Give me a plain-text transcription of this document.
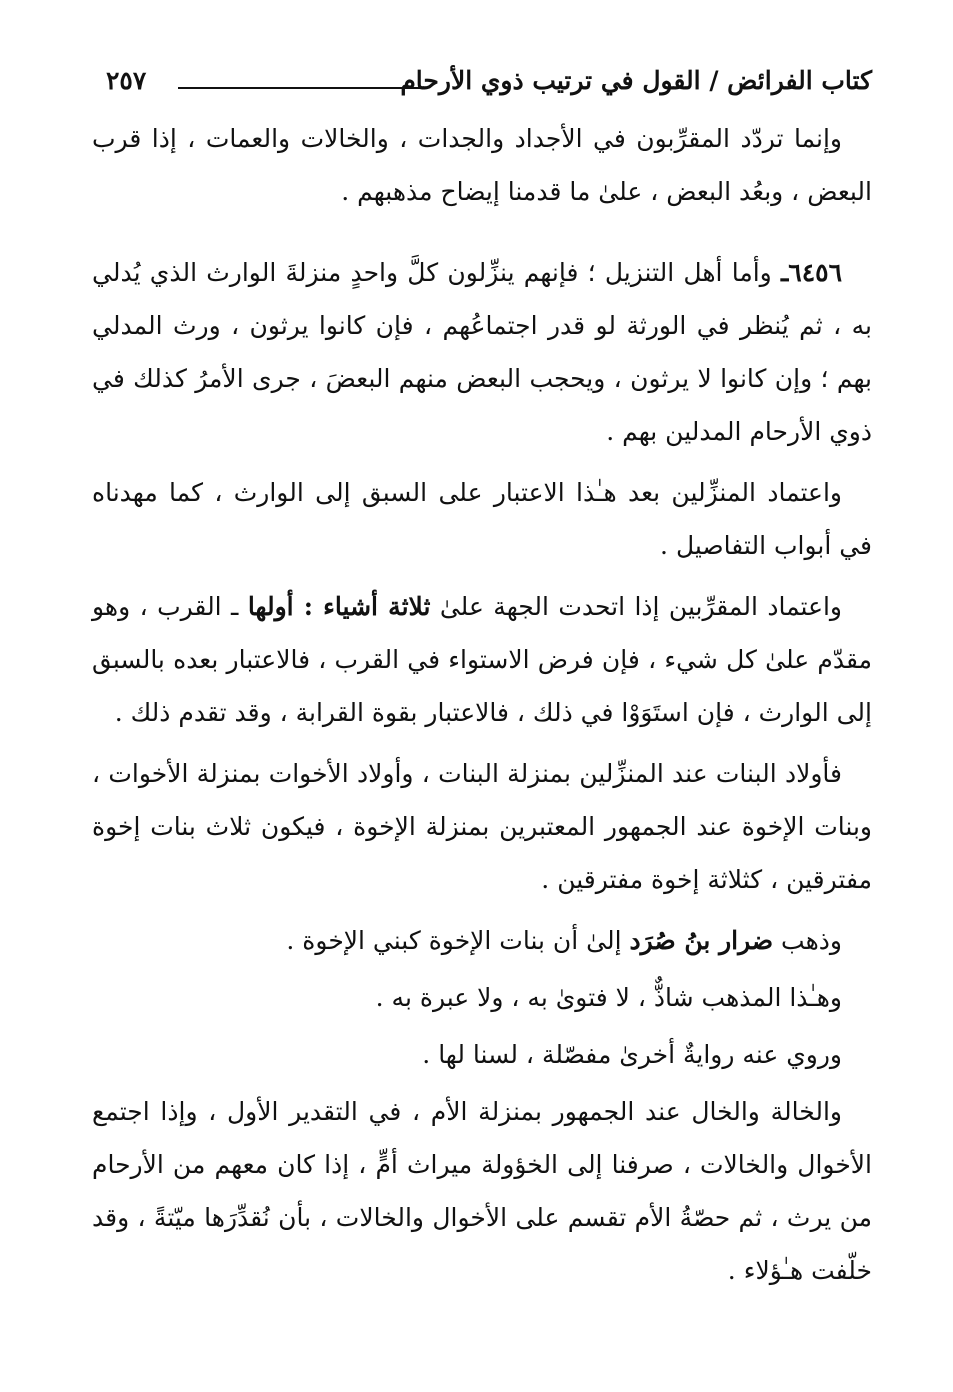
كتاب الفرائض / القول في ترتيب ذوي الأرحام
٢٥٧

وإنما تردّد المقرِّبون في الأجداد والجدات ، والخالات والعمات ، إذا قرب البعض ، وبعُد البعض ، علىٰ ما قدمنا إيضاح مذهبهم .

٦٤٥٦ـ وأما أهل التنزيل ؛ فإنهم ينزِّلون كلَّ واحدٍ منزلةَ الوارث الذي يُدلي به ، ثم يُنظر في الورثة لو قدر اجتماعُهم ، فإن كانوا يرثون ، ورث المدلي بهم ؛ وإن كانوا لا يرثون ، ويحجب البعض منهم البعضَ ، جرى الأمرُ كذلك في ذوي الأرحام المدلين بهم .

واعتماد المنزِّلين بعد هـٰذا الاعتبار على السبق إلى الوارث ، كما مهدناه في أبواب التفاصيل .

واعتماد المقرِّبين إذا اتحدت الجهة علىٰ ثلاثة أشياء : أولها ـ القرب ، وهو مقدّم علىٰ كل شيء ، فإن فرض الاستواء في القرب ، فالاعتبار بعده بالسبق إلى الوارث ، فإن استَوَوْا في ذلك ، فالاعتبار بقوة القرابة ، وقد تقدم ذلك .

فأولاد البنات عند المنزِّلين بمنزلة البنات ، وأولاد الأخوات بمنزلة الأخوات ، وبنات الإخوة عند الجمهور المعتبرين بمنزلة الإخوة ، فيكون ثلاث بنات إخوة مفترقين ، كثلاثة إخوة مفترقين .

وذهب ضرار بنُ صُرَد إلىٰ أن بنات الإخوة كبني الإخوة .

وهـٰذا المذهب شاذٌّ ، لا فتوىٰ به ، ولا عبرة به .

وروي عنه روايةٌ أخرىٰ مفصّلة ، لسنا لها .

والخالة والخال عند الجمهور بمنزلة الأم ، في التقدير الأول ، وإذا اجتمع الأخوال والخالات ، صرفنا إلى الخؤولة ميراث أمٍّ ، إذا كان معهم من الأرحام من يرث ، ثم حصّةُ الأم تقسم على الأخوال والخالات ، بأن نُقدِّرَها ميّتةً ، وقد خلّفت هـٰؤلاء .
